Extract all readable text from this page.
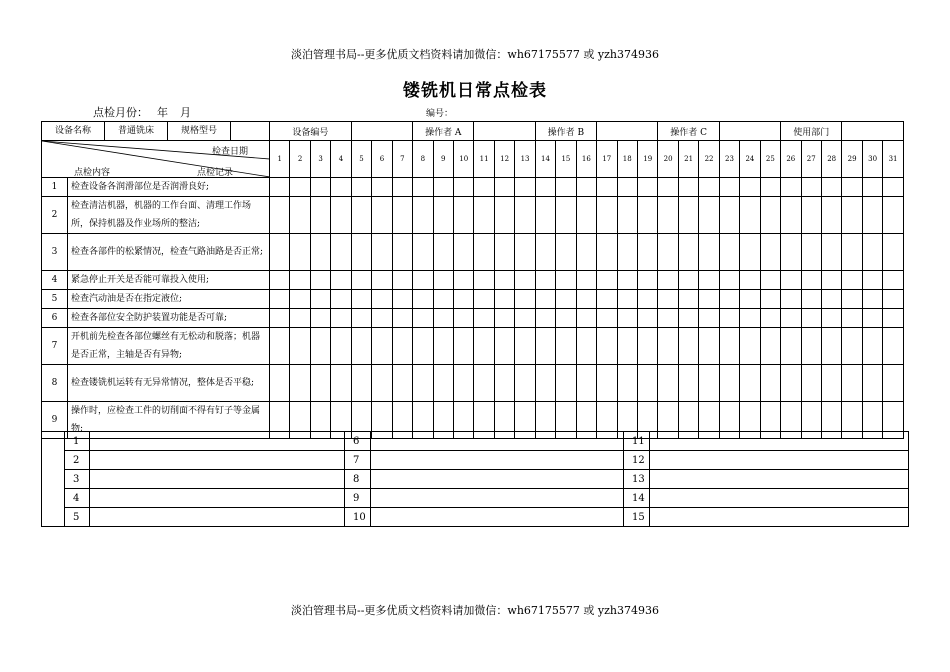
淡泊管理书局--更多优质文档资料请加微信：wh67175577 或 yzh374936
镂铣机日常点检表
点检月份： 年 月	编号：
设备名称 普通铣床 规格型号		设备编号							操作者 A						操作者 B						操作者 C						使用部门					

检查日期
点检内容 点检记录		1	2	3	4	5	6	7	8	9	10	11	12	13	14	15	16	17	18	19	20	21	22	23	24	25	26	27	28	29	30	31
1	检查设备各润滑部位是否润滑良好;																															
2	检查清洁机器，机器的工作台面、清理工作场所，保持机器及作业场所的整洁;																															
3	检查各部件的松紧情况，检查气路油路是否正常;																															
4	紧急停止开关是否能可靠投入使用;																															
5	检查汽动油是否在指定液位;																															
6	检查各部位安全防护装置功能是否可靠;																															
7	开机前先检查各部位螺丝有无松动和脱落；机器是否正常，主轴是否有异物;																															
8	检查镂铣机运转有无异常情况，整体是否平稳;																															
9	操作时，应检查工件的切削面不得有钉子等金属物;																															
	1		6		11	
	2		7		12	
	3		8		13	
	4		9		14	
	5		10		15	
淡泊管理书局--更多优质文档资料请加微信：wh67175577 或 yzh374936
